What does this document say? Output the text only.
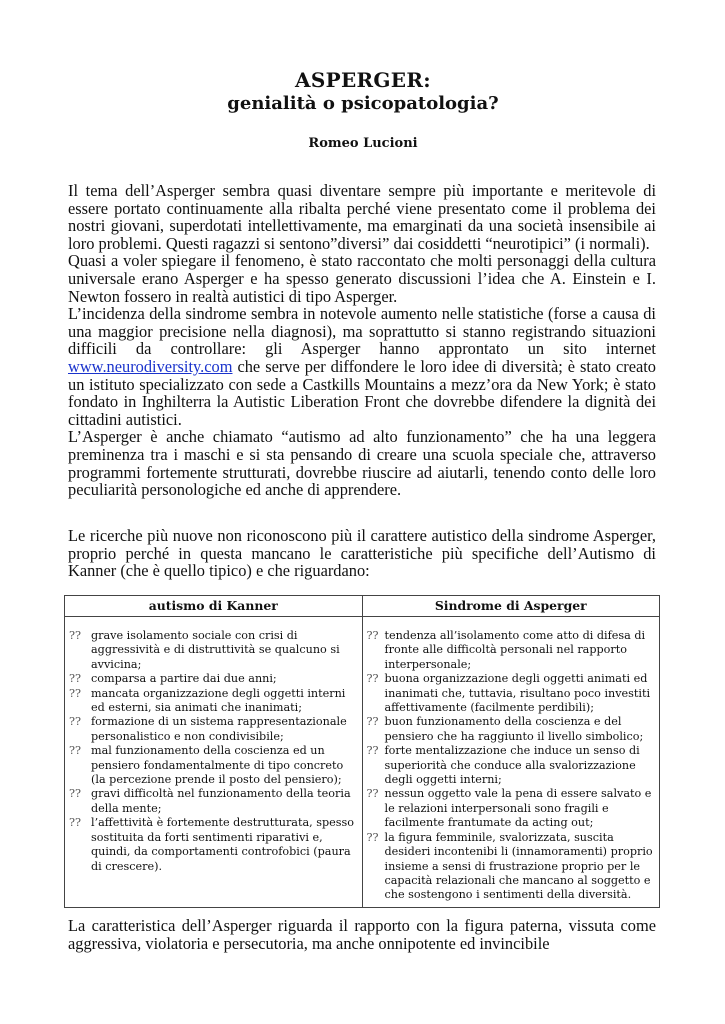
ASPERGER:
genialità o psicopatologia?
Romeo Lucioni

Il tema dell’Asperger sembra quasi diventare sempre più importante e meritevole di essere portato continuamente alla ribalta perché viene presentato come il problema dei nostri giovani, superdotati intellettivamente, ma emarginati da una società insensibile ai loro problemi. Questi ragazzi si sentono”diversi” dai cosiddetti “neurotipici” (i normali).

Quasi a voler spiegare il fenomeno, è stato raccontato che molti personaggi della cultura universale erano Asperger e ha spesso generato discussioni l’idea che A. Einstein e I. Newton fossero in realtà autistici di tipo Asperger.

L’incidenza della sindrome sembra in notevole aumento nelle statistiche (forse a causa di una maggior precisione nella diagnosi), ma soprattutto si stanno registrando situazioni difficili da controllare: gli Asperger hanno approntato un sito internet www.neurodiversity.com che serve per diffondere le loro idee di diversità; è stato creato un istituto specializzato con sede a Castkills Mountains a mezz’ora da New York; è stato fondato in Inghilterra la Autistic Liberation Front che dovrebbe difendere la dignità dei cittadini autistici.

L’Asperger è anche chiamato “autismo ad alto funzionamento” che ha una leggera preminenza tra i maschi e si sta pensando di creare una scuola speciale che, attraverso programmi fortemente strutturati, dovrebbe riuscire ad aiutarli, tenendo conto delle loro peculiarità personologiche ed anche di apprendere.

Le ricerche più nuove non riconoscono più il carattere autistico della sindrome Asperger, proprio perché in questa mancano le caratteristiche più specifiche dell’Autismo di Kanner (che è quello tipico) e che riguardano:

autismo di Kanner	Sindrome di Asperger

?? grave isolamento sociale con crisi di aggressività e di distruttività se qualcuno si avvicina;
?? comparsa a partire dai due anni;
?? mancata organizzazione degli oggetti interni ed esterni, sia animati che inanimati;
?? formazione di un sistema rappresentazionale personalistico e non condivisibile;
?? mal funzionamento della coscienza ed un pensiero fondamentalmente di tipo concreto (la percezione prende il posto del pensiero);
?? gravi difficoltà nel funzionamento della teoria della mente;
?? l’affettività è fortemente destrutturata, spesso sostituita da forti sentimenti riparativi e, quindi, da comportamenti controfobici (paura di crescere).

?? tendenza all’isolamento come atto di difesa di fronte alle difficoltà personali nel rapporto interpersonale;
?? buona organizzazione degli oggetti animati ed inanimati che, tuttavia, risultano poco investiti affettivamente (facilmente perdibili);
?? buon funzionamento della coscienza e del pensiero che ha raggiunto il livello simbolico;
?? forte mentalizzazione che induce un senso di superiorità che conduce alla svalorizzazione degli oggetti interni;
?? nessun oggetto vale la pena di essere salvato e le relazioni interpersonali sono fragili e facilmente frantumate da acting out;
?? la figura femminile, svalorizzata, suscita desideri incontenibi li (innamoramenti) proprio insieme a sensi di frustrazione proprio per le capacità relazionali che mancano al soggetto e che sostengono i sentimenti della diversità.

La caratteristica dell’Asperger riguarda il rapporto con la figura paterna, vissuta come aggressiva, violatoria e persecutoria, ma anche onnipotente ed invincibile
